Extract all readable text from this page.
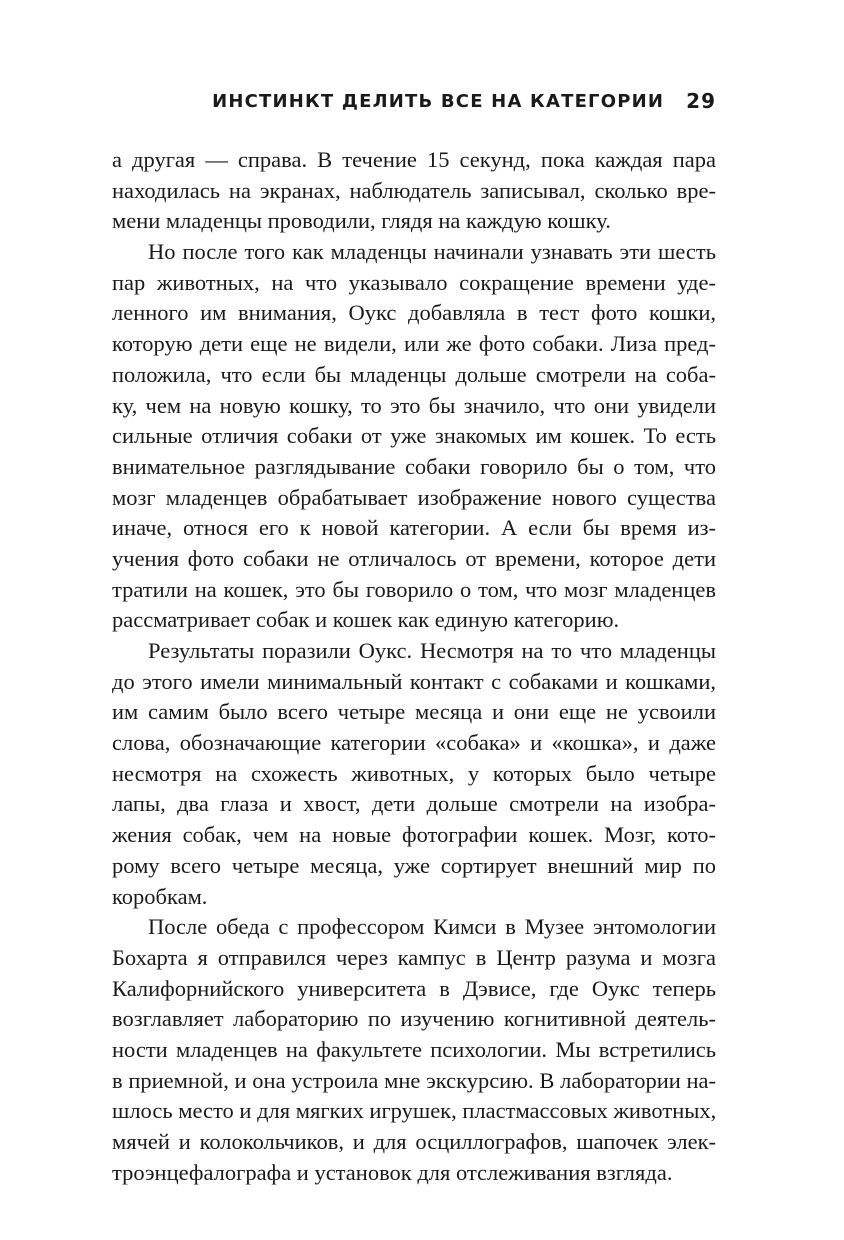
ИНСТИНКТ ДЕЛИТЬ ВСЕ НА КАТЕГОРИИ 29
а другая — справа. В течение 15 секунд, пока каждая пара
находилась на экранах, наблюдатель записывал, сколько вре-
мени младенцы проводили, глядя на каждую кошку.
Но после того как младенцы начинали узнавать эти шесть
пар животных, на что указывало сокращение времени уде-
ленного им внимания, Оукс добавляла в тест фото кошки,
которую дети еще не видели, или же фото собаки. Лиза пред-
положила, что если бы младенцы дольше смотрели на соба-
ку, чем на новую кошку, то это бы значило, что они увидели
сильные отличия собаки от уже знакомых им кошек. То есть
внимательное разглядывание собаки говорило бы о том, что
мозг младенцев обрабатывает изображение нового существа
иначе, относя его к новой категории. А если бы время из-
учения фото собаки не отличалось от времени, которое дети
тратили на кошек, это бы говорило о том, что мозг младенцев
рассматривает собак и кошек как единую категорию.
Результаты поразили Оукс. Несмотря на то что младенцы
до этого имели минимальный контакт с собаками и кошками,
им самим было всего четыре месяца и они еще не усвоили
слова, обозначающие категории «собака» и «кошка», и даже
несмотря на схожесть животных, у которых было четыре
лапы, два глаза и хвост, дети дольше смотрели на изобра-
жения собак, чем на новые фотографии кошек. Мозг, кото-
рому всего четыре месяца, уже сортирует внешний мир по
коробкам.
После обеда с профессором Кимси в Музее энтомологии
Бохарта я отправился через кампус в Центр разума и мозга
Калифорнийского университета в Дэвисе, где Оукс теперь
возглавляет лабораторию по изучению когнитивной деятель-
ности младенцев на факультете психологии. Мы встретились
в приемной, и она устроила мне экскурсию. В лаборатории на-
шлось место и для мягких игрушек, пластмассовых животных,
мячей и колокольчиков, и для осциллографов, шапочек элек-
троэнцефалографа и установок для отслеживания взгляда.
